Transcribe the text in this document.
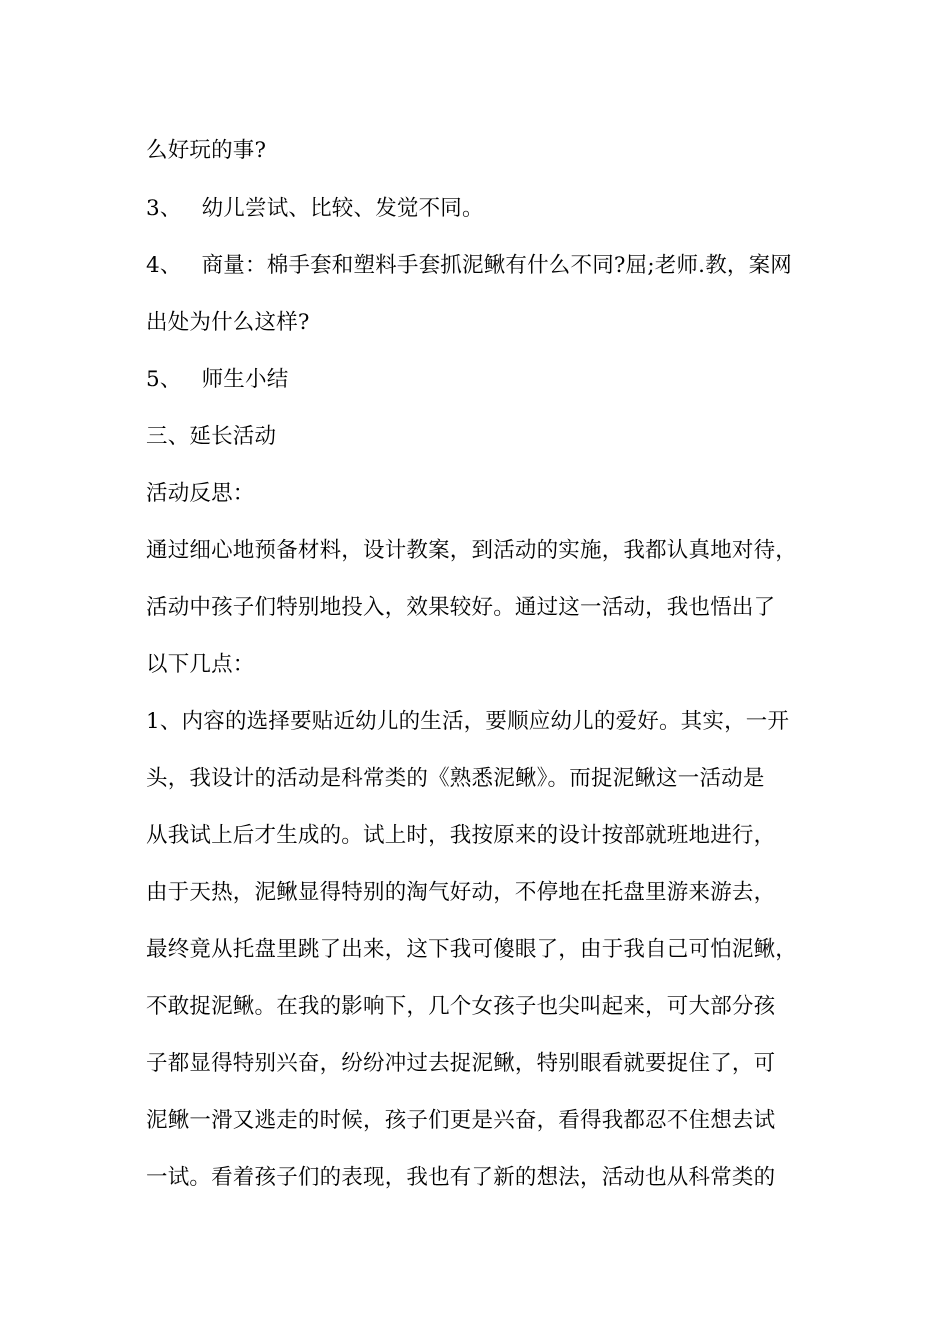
么好玩的事?
3、 幼儿尝试、比较、发觉不同。
4、 商量：棉手套和塑料手套抓泥鳅有什么不同?屈;老师.教，案网
出处为什么这样?
5、 师生小结
三、延长活动
活动反思：
通过细心地预备材料，设计教案，到活动的实施，我都认真地对待，
活动中孩子们特别地投入，效果较好。通过这一活动，我也悟出了
以下几点：
1、内容的选择要贴近幼儿的生活，要顺应幼儿的爱好。其实，一开
头，我设计的活动是科常类的《熟悉泥鳅》。而捉泥鳅这一活动是
从我试上后才生成的。试上时，我按原来的设计按部就班地进行，
由于天热，泥鳅显得特别的淘气好动，不停地在托盘里游来游去，
最终竟从托盘里跳了出来，这下我可傻眼了，由于我自己可怕泥鳅，
不敢捉泥鳅。在我的影响下，几个女孩子也尖叫起来，可大部分孩
子都显得特别兴奋，纷纷冲过去捉泥鳅，特别眼看就要捉住了，可
泥鳅一滑又逃走的时候，孩子们更是兴奋，看得我都忍不住想去试
一试。看着孩子们的表现，我也有了新的想法，活动也从科常类的
